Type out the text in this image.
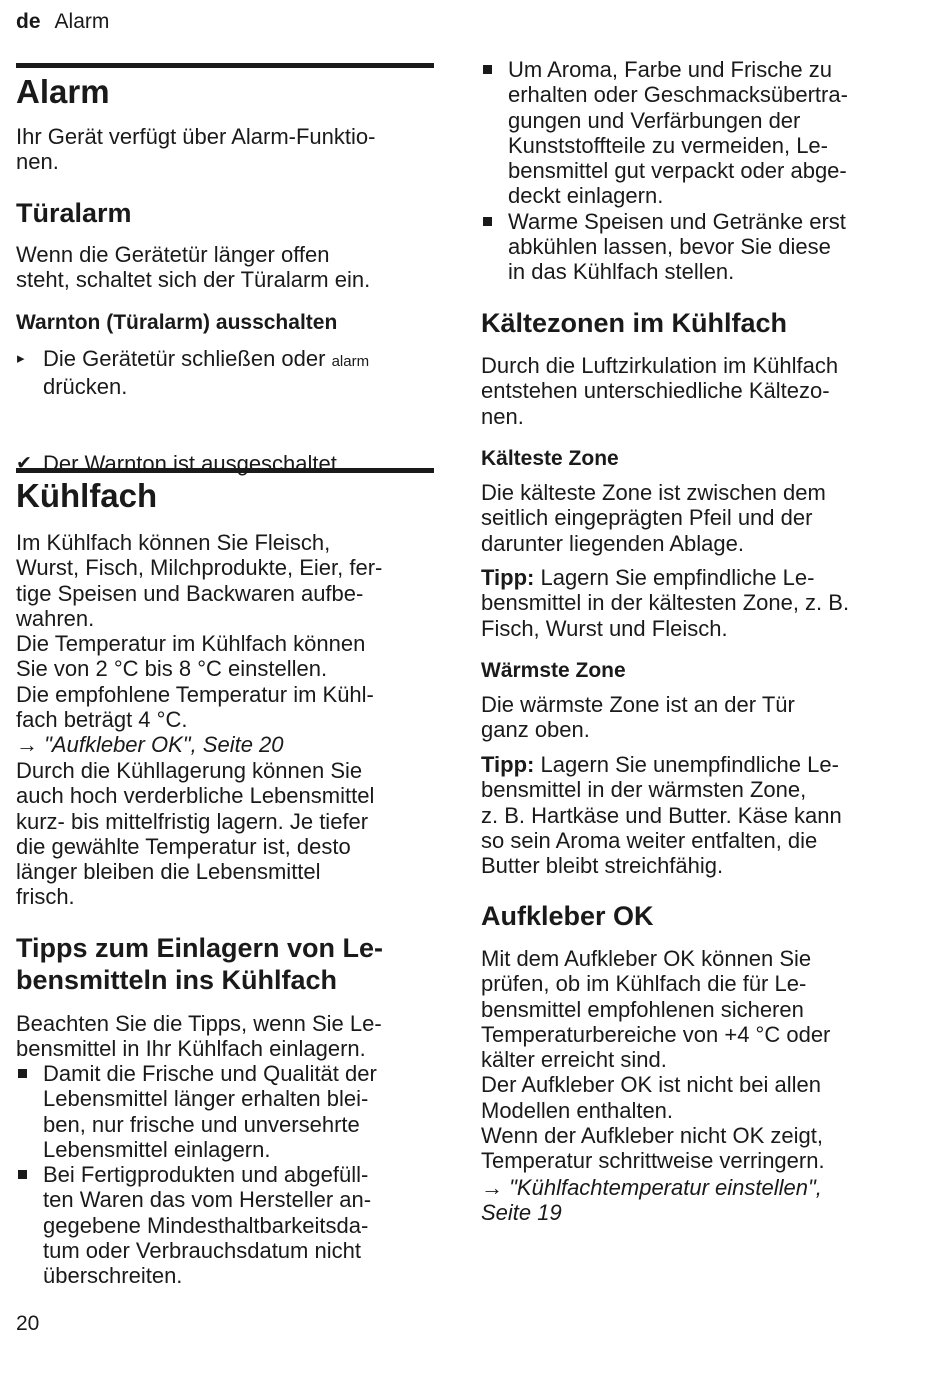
de Alarm
Alarm

Ihr Gerät verfügt über Alarm-Funktio-
nen.

Türalarm

Wenn die Gerätetür länger offen
steht, schaltet sich der Türalarm ein.

Warnton (Türalarm) ausschalten
▸ Die Gerätetür schließen oder alarm
drücken.
✔ Der Warnton ist ausgeschaltet.
Kühlfach

Im Kühlfach können Sie Fleisch,
Wurst, Fisch, Milchprodukte, Eier, fer-
tige Speisen und Backwaren aufbe-
wahren.
Die Temperatur im Kühlfach können
Sie von 2 °C bis 8 °C einstellen.
Die empfohlene Temperatur im Kühl-
fach beträgt 4 °C.

→ "Aufkleber OK", Seite 20

Durch die Kühllagerung können Sie
auch hoch verderbliche Lebensmittel
kurz- bis mittelfristig lagern. Je tiefer
die gewählte Temperatur ist, desto
länger bleiben die Lebensmittel
frisch.

Tipps zum Einlagern von Le-
bensmitteln ins Kühlfach

Beachten Sie die Tipps, wenn Sie Le-
bensmittel in Ihr Kühlfach einlagern.

Damit die Frische und Qualität der
Lebensmittel länger erhalten blei-
ben, nur frische und unversehrte
Lebensmittel einlagern.
Bei Fertigprodukten und abgefüll-
ten Waren das vom Hersteller an-
gegebene Mindesthaltbarkeitsda-
tum oder Verbrauchsdatum nicht
überschreiten.
Um Aroma, Farbe und Frische zu
erhalten oder Geschmacksübertra-
gungen und Verfärbungen der
Kunststoffteile zu vermeiden, Le-
bensmittel gut verpackt oder abge-
deckt einlagern.
Warme Speisen und Getränke erst
abkühlen lassen, bevor Sie diese
in das Kühlfach stellen.
Kältezonen im Kühlfach

Durch die Luftzirkulation im Kühlfach
entstehen unterschiedliche Kältezo-
nen.

Kälteste Zone

Die kälteste Zone ist zwischen dem
seitlich eingeprägten Pfeil und der
darunter liegenden Ablage.

Tipp: Lagern Sie empfindliche Le-
bensmittel in der kältesten Zone, z. B.
Fisch, Wurst und Fleisch.

Wärmste Zone

Die wärmste Zone ist an der Tür
ganz oben.

Tipp: Lagern Sie unempfindliche Le-
bensmittel in der wärmsten Zone,
z. B. Hartkäse und Butter. Käse kann
so sein Aroma weiter entfalten, die
Butter bleibt streichfähig.

Aufkleber OK

Mit dem Aufkleber OK können Sie
prüfen, ob im Kühlfach die für Le-
bensmittel empfohlenen sicheren
Temperaturbereiche von +4 °C oder
kälter erreicht sind.
Der Aufkleber OK ist nicht bei allen
Modellen enthalten.
Wenn der Aufkleber nicht OK zeigt,
Temperatur schrittweise verringern.

→ "Kühlfachtemperatur einstellen",
Seite 19
20
